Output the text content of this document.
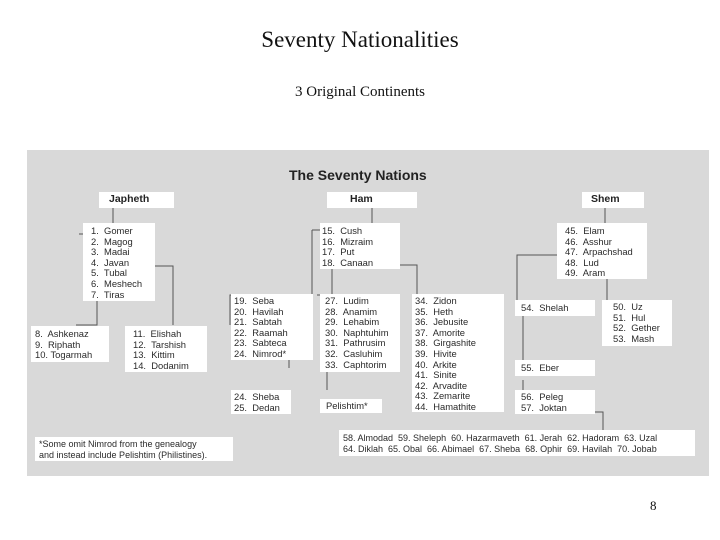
Seventy Nationalities
3 Original Continents
The Seventy Nations
Japheth	Ham	Shem
1.  Gomer
2.  Magog
3.  Madai
4.  Javan
5.  Tubal
6.  Meshech
7.  Tiras
8.  Ashkenaz
9.  Riphath
10. Togarmah
11.  Elishah
12.  Tarshish
13.  Kittim
14.  Dodanim
15.  Cush
16.  Mizraim
17.  Put
18.  Canaan
19.  Seba
20.  Havilah
21.  Sabtah
22.  Raamah
23.  Sabteca
24.  Nimrod*
24.  Sheba
25.  Dedan
27.  Ludim
28.  Anamim
29.  Lehabim
30.  Naphtuhim
31.  Pathrusim
32.  Casluhim
33.  Caphtorim
Pelishtim*
34.  Zidon
35.  Heth
36.  Jebusite
37.  Amorite
38.  Girgashite
39.  Hivite
40.  Arkite
41.  Sinite
42.  Arvadite
43.  Zemarite
44.  Hamathite
45.  Elam
46.  Asshur
47.  Arpachshad
48.  Lud
49.  Aram
54.  Shelah	50.  Uz
51.  Hul
52.  Gether
53.  Mash
55.  Eber
56.  Peleg
57.  Joktan
58. Almodad  59. Sheleph  60. Hazarmaveth  61. Jerah  62. Hadoram  63. Uzal
64. Diklah  65. Obal  66. Abimael  67. Sheba  68. Ophir  69. Havilah  70. Jobab
*Some omit Nimrod from the genealogy
and instead include Pelishtim (Philistines).
8
